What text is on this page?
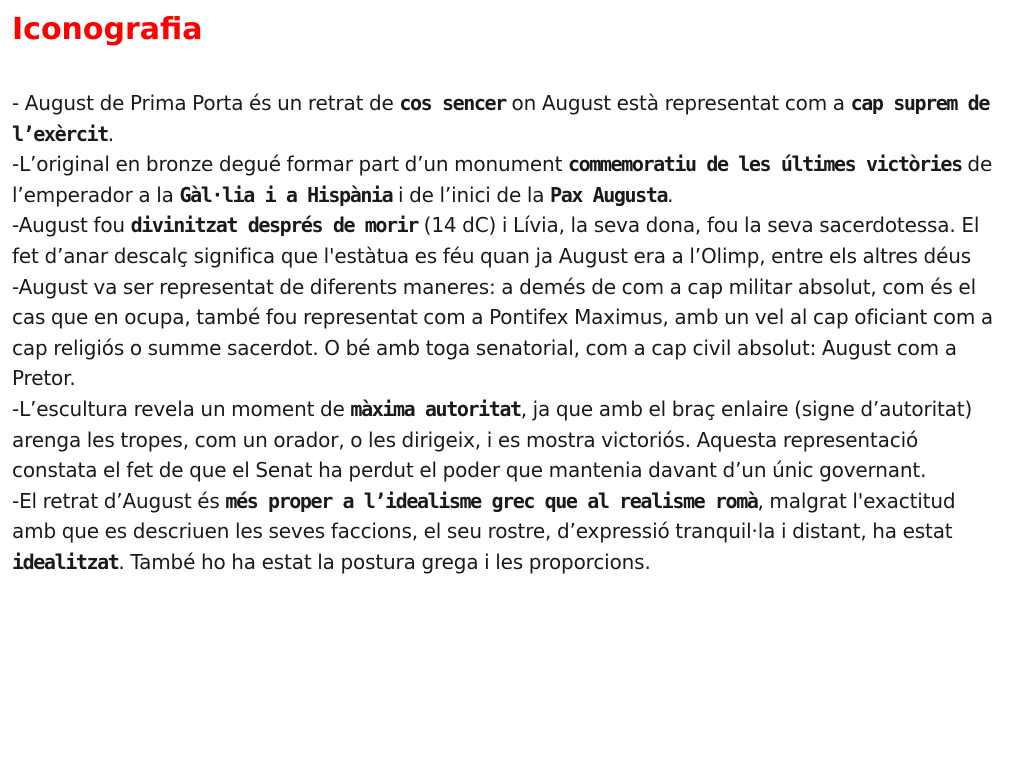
Iconografia

- August de Prima Porta és un retrat de cos sencer on August està representat com a cap suprem de l’exèrcit.

-L’original en bronze degué formar part d’un monument commemoratiu de les últimes victòries de l’emperador a la Gàl·lia i a Hispània i de l’inici de la Pax Augusta.

-August fou divinitzat després de morir (14 dC) i Lívia, la seva dona, fou la seva sacerdotessa. El fet d’anar descalç significa que l'estàtua es féu quan ja August era a l’Olimp, entre els altres déus

-August va ser representat de diferents maneres: a demés de com a cap militar absolut, com és el cas que en ocupa, també fou representat com a Pontifex Maximus, amb un vel al cap oficiant com a cap religiós o summe sacerdot. O bé amb toga senatorial, com a cap civil absolut: August com a Pretor.

-L’escultura revela un moment de màxima autoritat, ja que amb el braç enlaire (signe d’autoritat) arenga les tropes, com un orador, o les dirigeix, i es mostra victoriós. Aquesta representació constata el fet de que el Senat ha perdut el poder que mantenia davant d’un únic governant.

-El retrat d’August és més proper a l’idealisme grec que al realisme romà, malgrat l'exactitud amb que es descriuen les seves faccions, el seu rostre, d’expressió tranquil·la i distant, ha estat idealitzat. També ho ha estat la postura grega i les proporcions.
